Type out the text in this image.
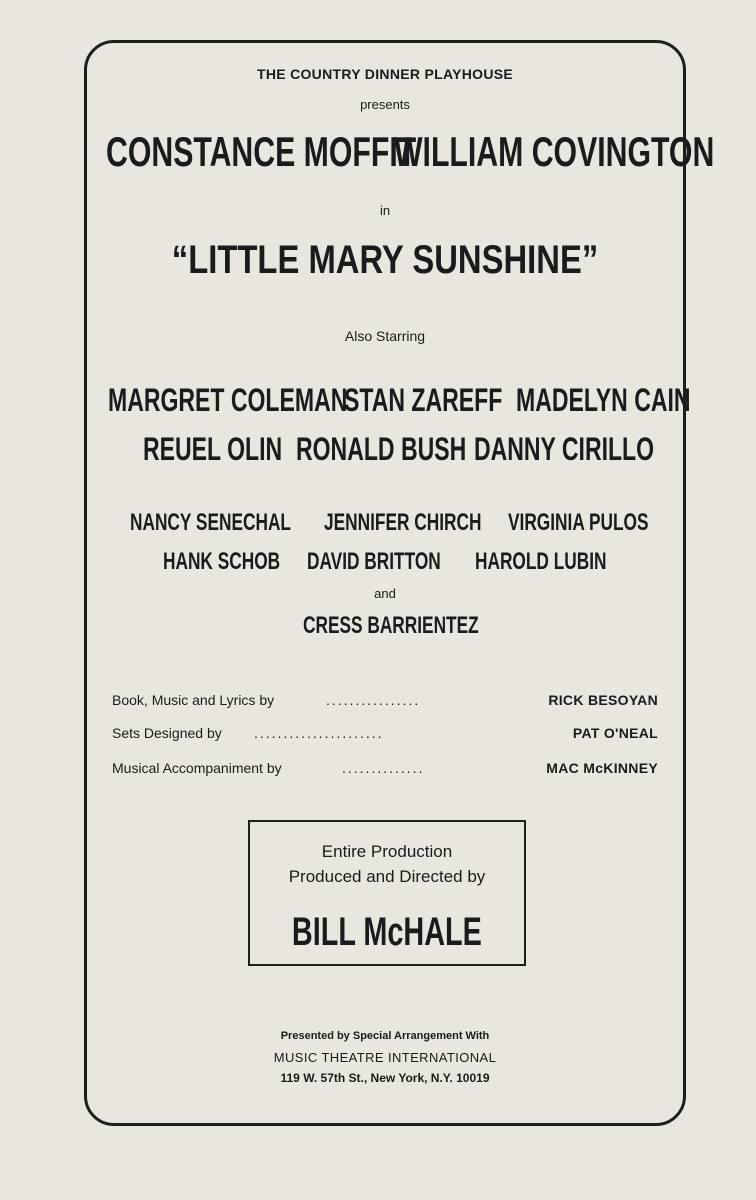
THE COUNTRY DINNER PLAYHOUSE
presents
CONSTANCE MOFFIT
WILLIAM COVINGTON
in
“LITTLE MARY SUNSHINE”
Also Starring
MARGRET COLEMAN
STAN ZAREFF MADELYN CAIN
REUEL OLIN RONALD BUSH DANNY CIRILLO
NANCY SENECHAL JENNIFER CHIRCH VIRGINIA PULOS
HANK SCHOB DAVID BRITTON HAROLD LUBIN
and
CRESS BARRIENTEZ
Book, Music and Lyrics by	................	RICK BESOYAN
Sets Designed by ......................	PAT O'NEAL
Musical Accompaniment by	..............	MAC McKINNEY
Entire Production
Produced and Directed by
BILL McHALE
Presented by Special Arrangement With
MUSIC THEATRE INTERNATIONAL
119 W. 57th St., New York, N.Y. 10019
